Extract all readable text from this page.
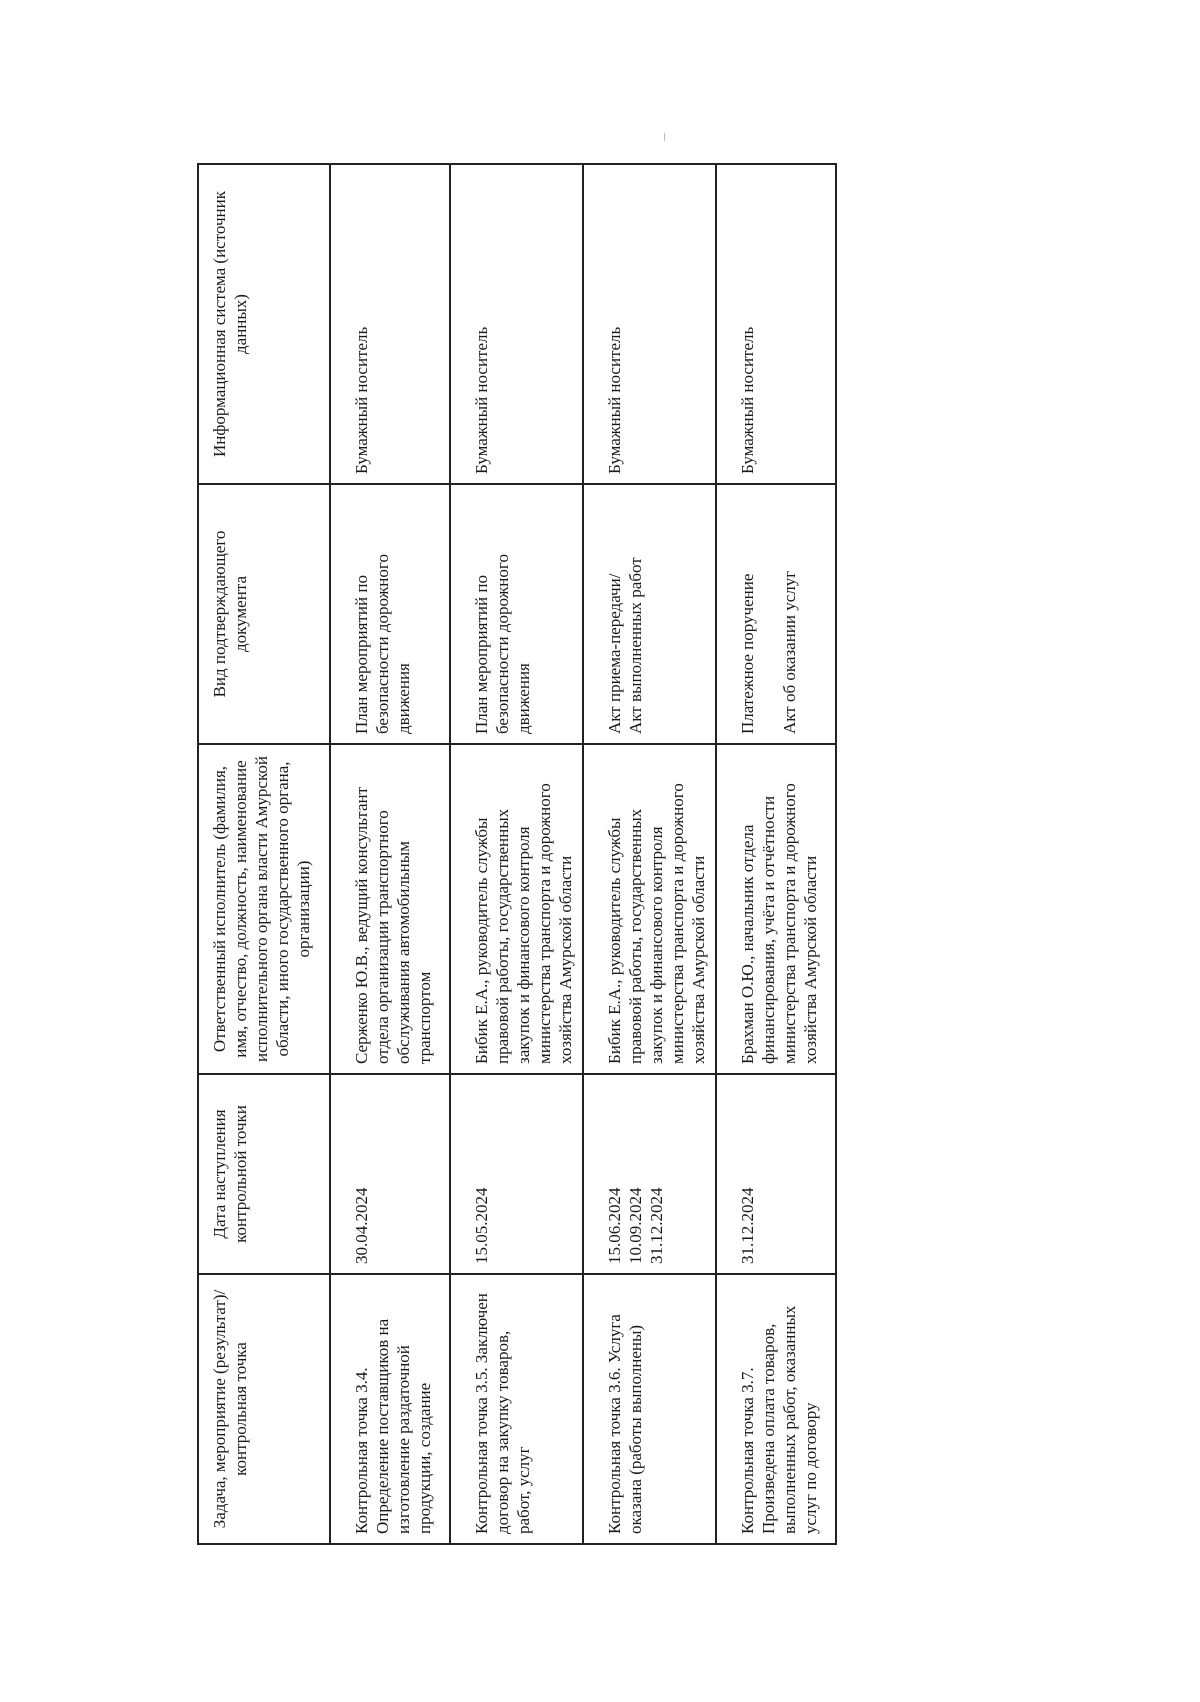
Задача, мероприятие (результат)/контрольная точка	Дата наступления контрольной точки	Ответственный исполнитель (фамилия, имя, отчество, должность, наименование исполнительного органа власти Амурской области, иного государственного органа, организации)	Вид подтверждающего документа	Информационная система (источник данных)
Контрольная точка 3.4. Определение поставщиков на изготовление раздаточной продукции, создание	30.04.2024	Серженко Ю.В., ведущий консультант отдела организации транспортного обслуживания автомобильным транспортом	План мероприятий по безопасности дорожного движения	Бумажный носитель
Контрольная точка 3.5. Заключен договор на закупку товаров, работ, услуг	15.05.2024	Бибик Е.А., руководитель службы правовой работы, государственных закупок и финансового контроля министерства транспорта и дорожного хозяйства Амурской области	План мероприятий по безопасности дорожного движения	Бумажный носитель
Контрольная точка 3.6. Услуга оказана (работы выполнены)	15.06.2024 10.09.2024 31.12.2024	Бибик Е.А., руководитель службы правовой работы, государственных закупок и финансового контроля министерства транспорта и дорожного хозяйства Амурской области	Акт приема-передачи/ Акт выполненных работ	Бумажный носитель
Контрольная точка 3.7. Произведена оплата товаров, выполненных работ, оказанных услуг по договору	31.12.2024	Брахман О.Ю., начальник отдела финансирования, учёта и отчётности министерства транспорта и дорожного хозяйства Амурской области	Платежное поручение Акт об оказании услуг	Бумажный носитель
